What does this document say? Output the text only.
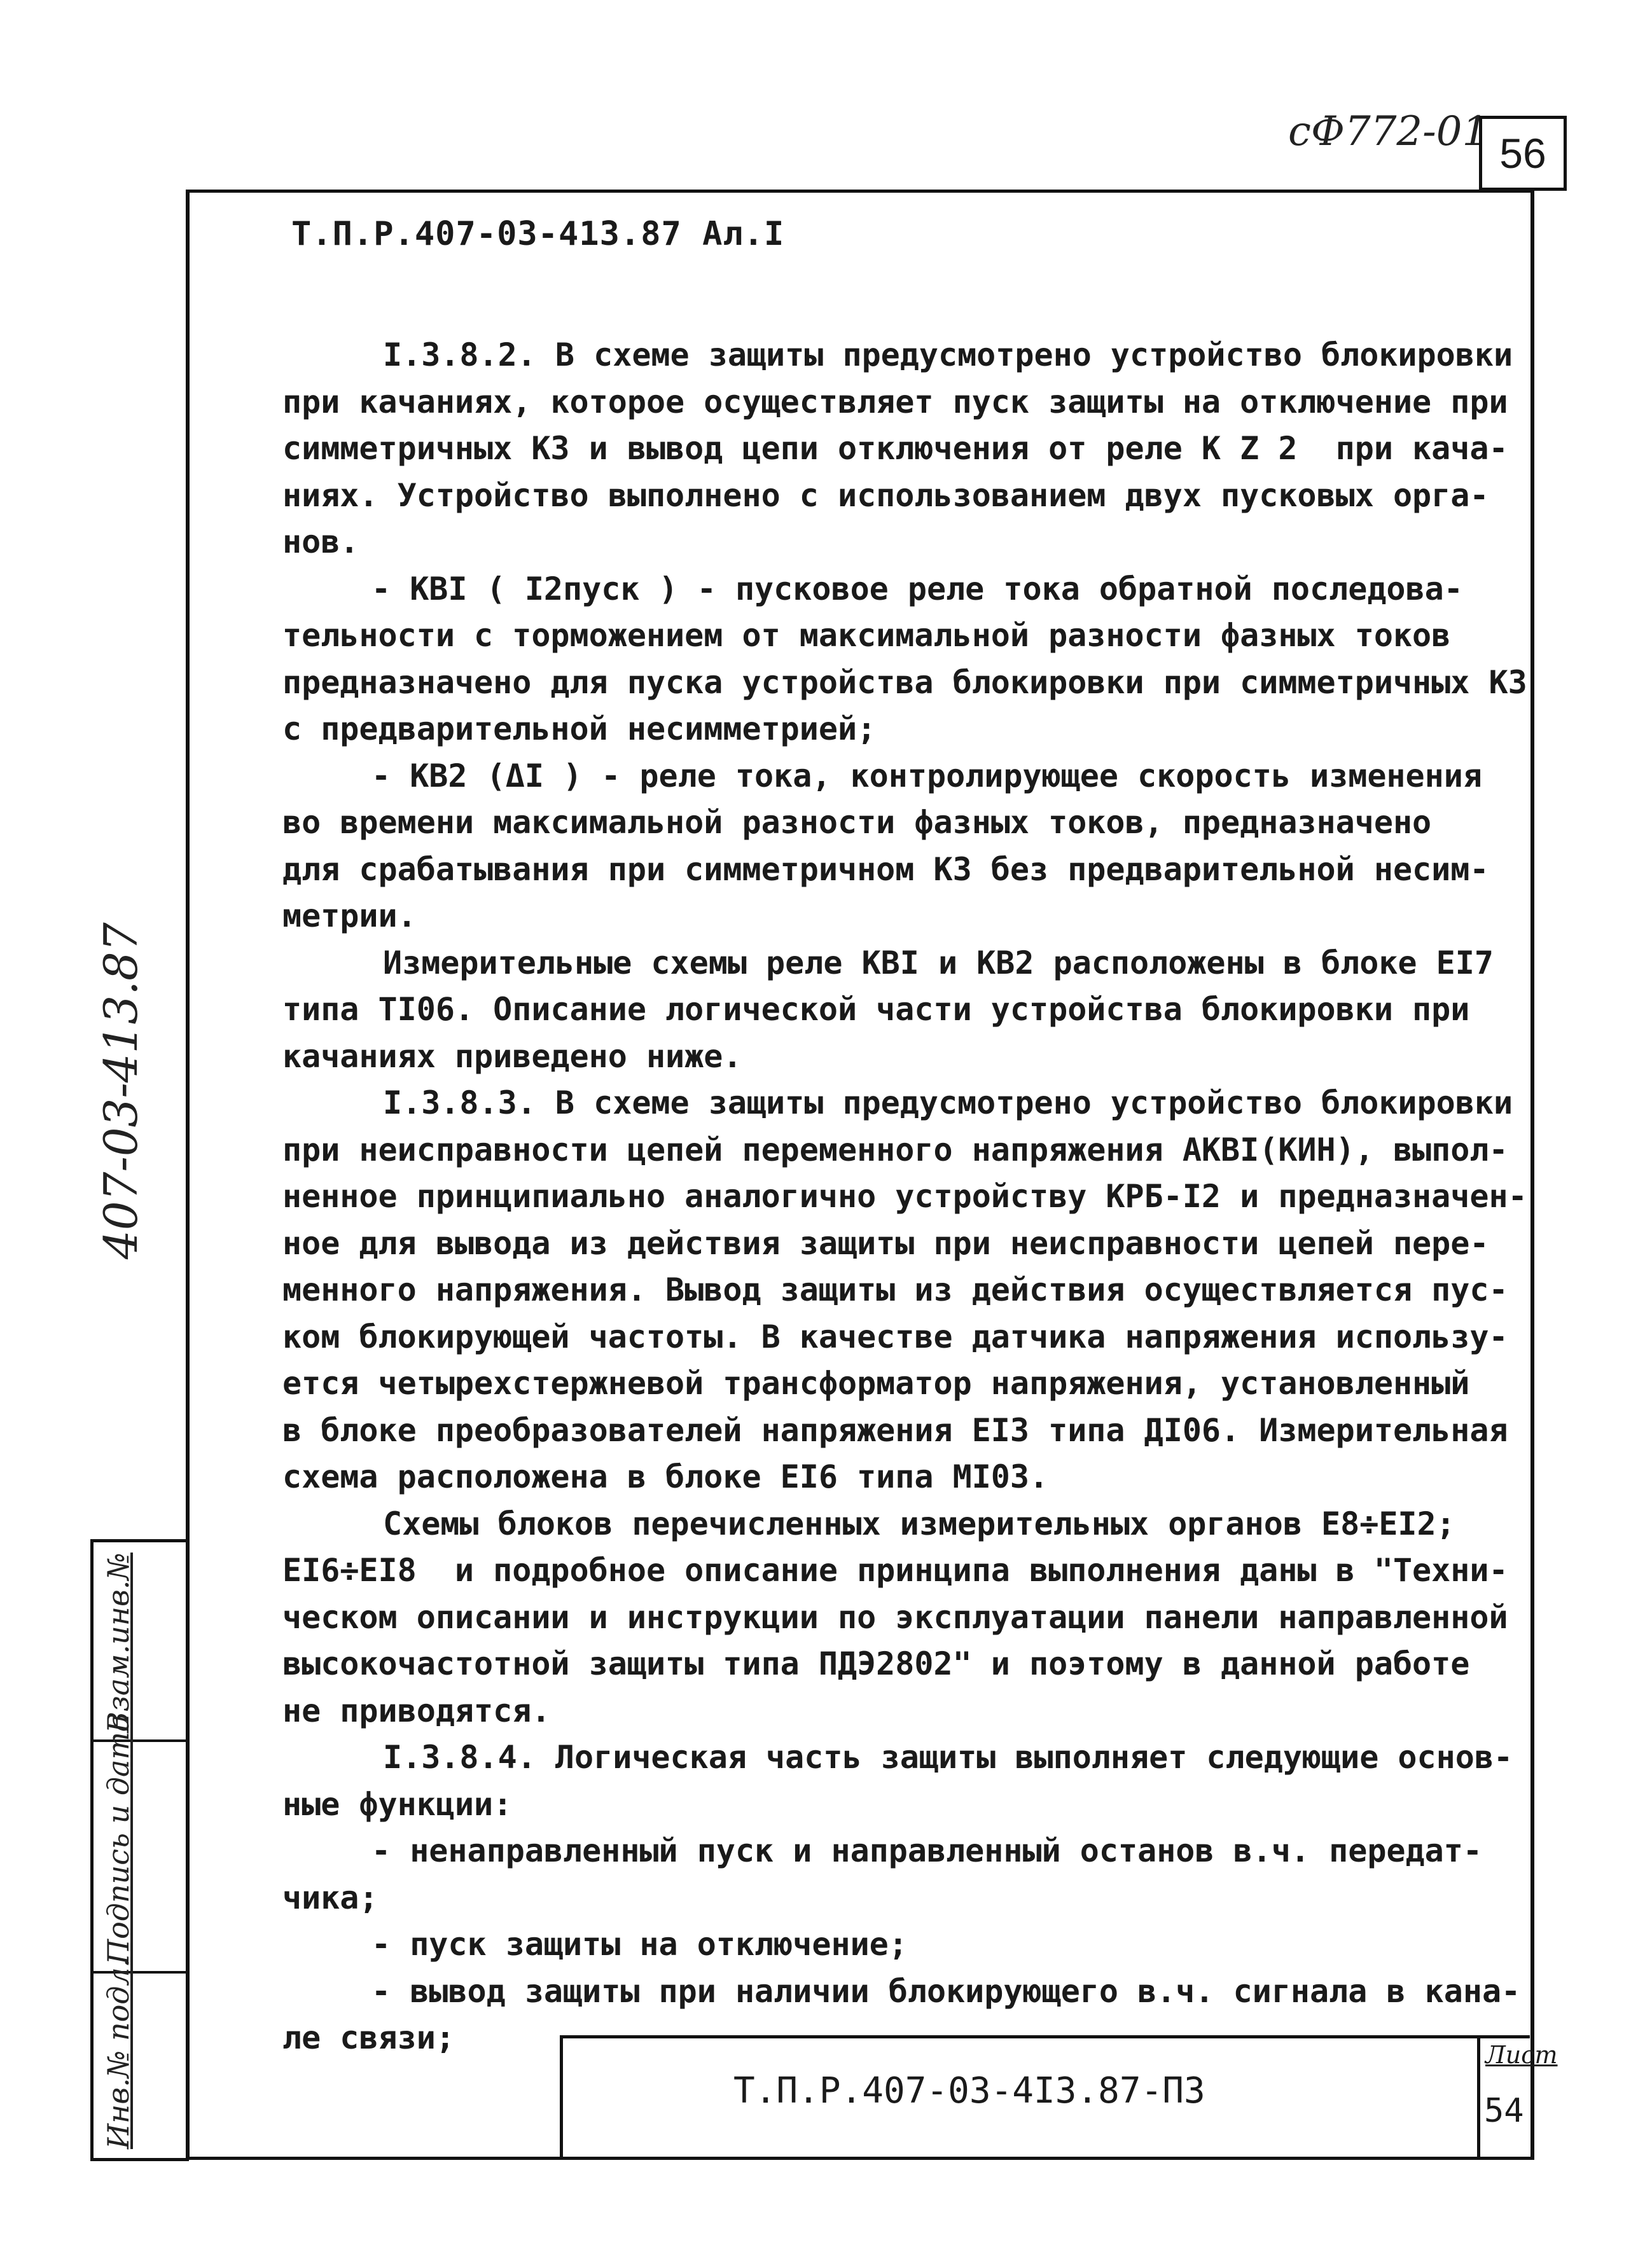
сФ772-01 56
407-03-413.87
Взам.инв.№
Подпись и дата
Инв.№ подл.
Т.П.Р.407-03-413.87 Ал.I
I.3.8.2. В схеме защиты предусмотрено устройство блокировки
при качаниях, которое осуществляет пуск защиты на отключение при
симметричных КЗ и вывод цепи отключения от реле К Z 2  при кача-
ниях. Устройство выполнено с использованием двух пусковых орга-
нов.
- КВI ( I2пуск ) - пусковое реле тока обратной последова-
тельности с торможением от максимальной разности фазных токов
предназначено для пуска устройства блокировки при симметричных КЗ
с предварительной несимметрией;
- КВ2 (ΔI ) - реле тока, контролирующее скорость изменения
во времени максимальной разности фазных токов, предназначено
для срабатывания при симметричном КЗ без предварительной несим-
метрии.
Измерительные схемы реле КВI и КВ2 расположены в блоке EI7
типа ТI06. Описание логической части устройства блокировки при
качаниях приведено ниже.
I.3.8.3. В схеме защиты предусмотрено устройство блокировки
при неисправности цепей переменного напряжения АКВI(КИН), выпол-
ненное принципиально аналогично устройству КРБ-I2 и предназначен-
ное для вывода из действия защиты при неисправности цепей пере-
менного напряжения. Вывод защиты из действия осуществляется пус-
ком блокирующей частоты. В качестве датчика напряжения использу-
ется четырехстержневой трансформатор напряжения, установленный
в блоке преобразователей напряжения ЕI3 типа ДI06. Измерительная
схема расположена в блоке ЕI6 типа МI03.
Схемы блоков перечисленных измерительных органов Е8÷ЕI2;
ЕI6÷ЕI8  и подробное описание принципа выполнения даны в "Техни-
ческом описании и инструкции по эксплуатации панели направленной
высокочастотной защиты типа ПДЭ2802" и поэтому в данной работе
не приводятся.
I.3.8.4. Логическая часть защиты выполняет следующие основ-
ные функции:
- ненаправленный пуск и направленный останов в.ч. передат-
чика;
- пуск защиты на отключение;
- вывод защиты при наличии блокирующего в.ч. сигнала в кана-
ле связи;
Т.П.Р.407-03-4I3.87-ПЗ
Лист
54
